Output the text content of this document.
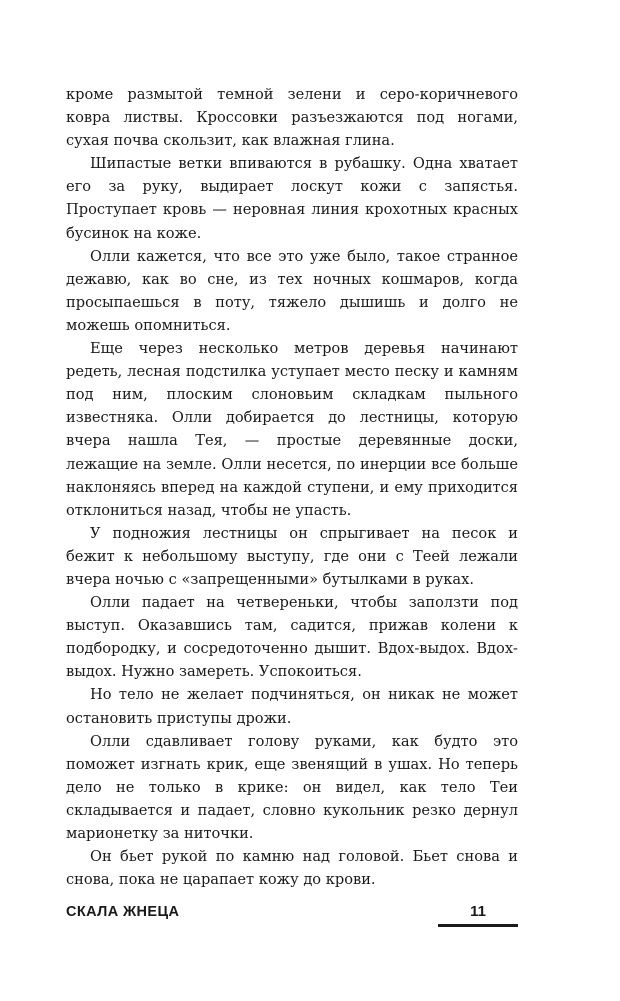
кроме размытой темной зелени и серо-коричневого ковра листвы. Кроссовки разъезжаются под ногами, сухая почва скользит, как влажная глина.

Шипастые ветки впиваются в рубашку. Одна хватает его за руку, выдирает лоскут кожи с запястья. Проступает кровь — неровная линия крохотных красных бусинок на коже.

Олли кажется, что все это уже было, такое странное дежавю, как во сне, из тех ночных кошмаров, когда просыпаешься в поту, тяжело дышишь и долго не можешь опомниться.

Еще через несколько метров деревья начинают редеть, лесная подстилка уступает место песку и камням под ним, плоским слоновьим складкам пыльного известняка. Олли добирается до лестницы, которую вчера нашла Тея, — простые деревянные доски, лежащие на земле. Олли несется, по инерции все больше наклоняясь вперед на каждой ступени, и ему приходится отклониться назад, чтобы не упасть.

У подножия лестницы он спрыгивает на песок и бежит к небольшому выступу, где они с Теей лежали вчера ночью с «запрещенными» бутылками в руках.

Олли падает на четвереньки, чтобы заползти под выступ. Оказавшись там, садится, прижав колени к подбородку, и сосредоточенно дышит. Вдох-выдох. Вдох-выдох. Нужно замереть. Успокоиться.

Но тело не желает подчиняться, он никак не может остановить приступы дрожи.

Олли сдавливает голову руками, как будто это поможет изгнать крик, еще звенящий в ушах. Но теперь дело не только в крике: он видел, как тело Теи складывается и падает, словно кукольник резко дернул марионетку за ниточки.

Он бьет рукой по камню над головой. Бьет снова и снова, пока не царапает кожу до крови.

СКАЛА ЖНЕЦА	11
